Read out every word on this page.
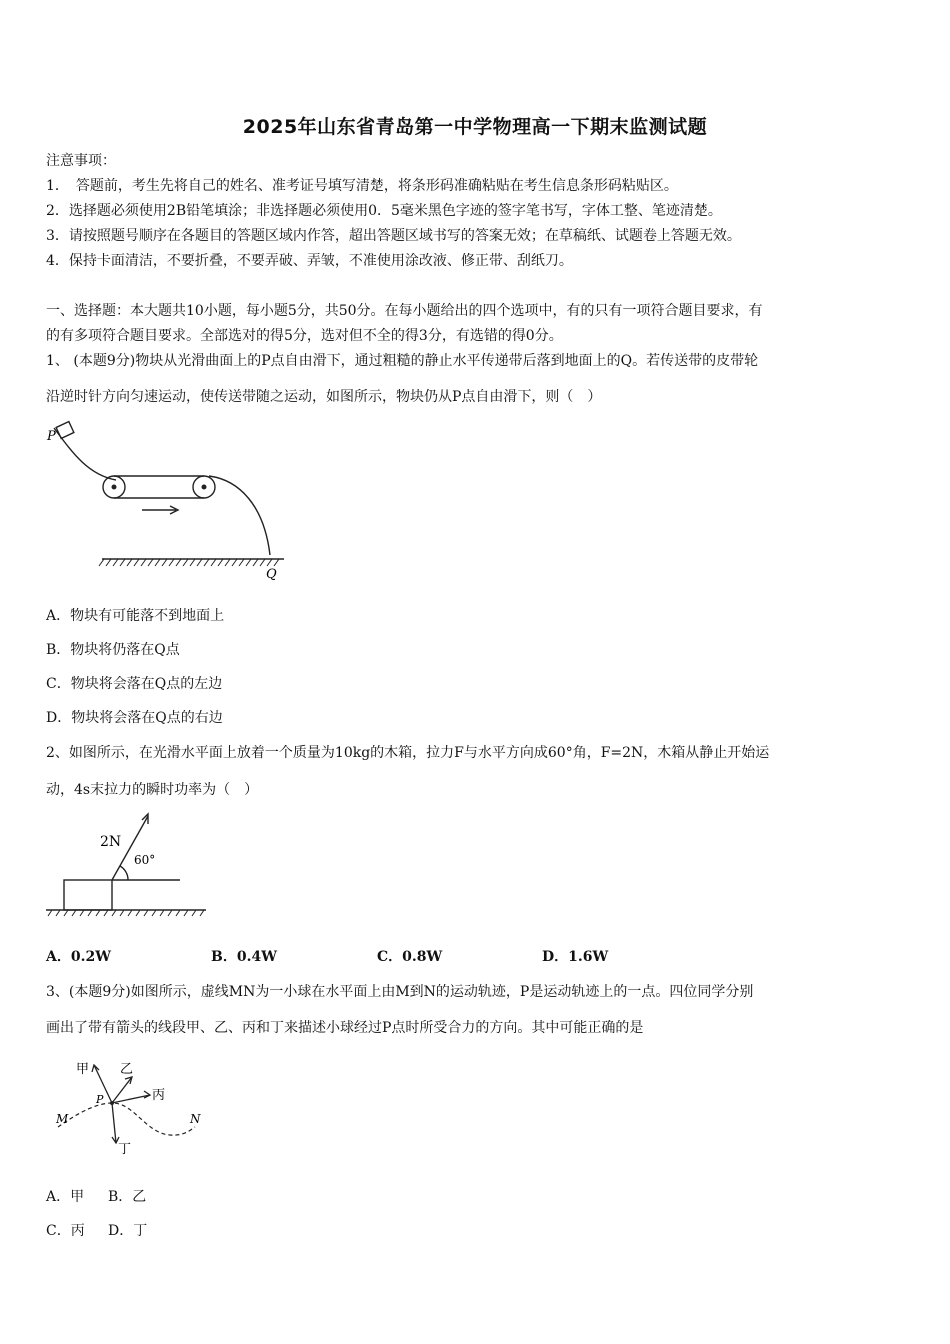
2025年山东省青岛第一中学物理高一下期末监测试题
注意事项：
1．　答题前，考生先将自己的姓名、准考证号填写清楚，将条形码准确粘贴在考生信息条形码粘贴区。
2．选择题必须使用2B铅笔填涂；非选择题必须使用0．5毫米黑色字迹的签字笔书写，字体工整、笔迹清楚。
3．请按照题号顺序在各题目的答题区域内作答，超出答题区域书写的答案无效；在草稿纸、试题卷上答题无效。
4．保持卡面清洁，不要折叠，不要弄破、弄皱，不准使用涂改液、修正带、刮纸刀。
一、选择题：本大题共10小题，每小题5分，共50分。在每小题给出的四个选项中，有的只有一项符合题目要求，有
的有多项符合题目要求。全部选对的得5分，选对但不全的得3分，有选错的得0分。
1、 (本题9分)物块从光滑曲面上的P点自由滑下，通过粗糙的静止水平传递带后落到地面上的Q。若传送带的皮带轮
沿逆时针方向匀速运动，使传送带随之运动，如图所示，物块仍从P点自由滑下，则（　）
P
Q
A．物块有可能落不到地面上
B．物块将仍落在Q点
C．物块将会落在Q点的左边
D．物块将会落在Q点的右边
2、如图所示，在光滑水平面上放着一个质量为10kg的木箱，拉力F与水平方向成60°角，F=2N，木箱从静止开始运
动，4s末拉力的瞬时功率为（　）
2N
60°
A．0.2W	B．0.4W	C．0.8W	D．1.6W
3、(本题9分)如图所示，虚线MN为一小球在水平面上由M到N的运动轨迹，P是运动轨迹上的一点。四位同学分别
画出了带有箭头的线段甲、乙、丙和丁来描述小球经过P点时所受合力的方向。其中可能正确的是
甲 乙
丙
丁
P
M	N
A．甲 B．乙
C．丙 D．丁
